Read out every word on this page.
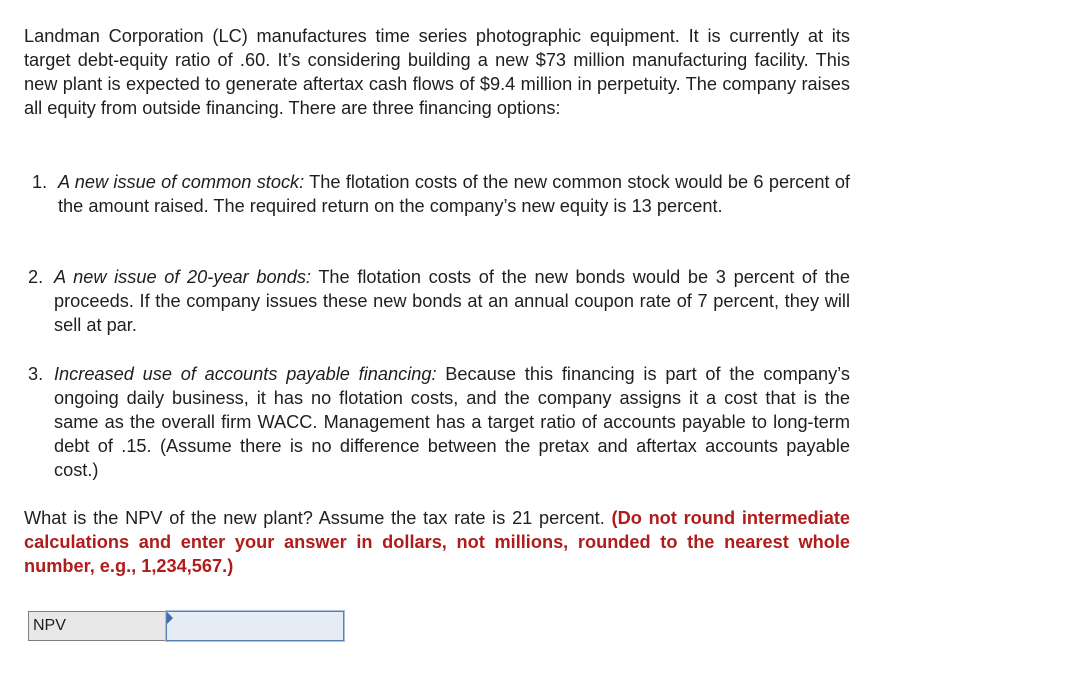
Landman Corporation (LC) manufactures time series photographic equipment. It is currently at its target debt-equity ratio of .60. It’s considering building a new $73 million manufacturing facility. This new plant is expected to generate aftertax cash flows of $9.4 million in perpetuity. The company raises all equity from outside financing. There are three financing options:

1. A new issue of common stock: The flotation costs of the new common stock would be 6 percent of the amount raised. The required return on the company’s new equity is 13 percent.
2. A new issue of 20-year bonds: The flotation costs of the new bonds would be 3 percent of the proceeds. If the company issues these new bonds at an annual coupon rate of 7 percent, they will sell at par.
3. Increased use of accounts payable financing: Because this financing is part of the company’s ongoing daily business, it has no flotation costs, and the company assigns it a cost that is the same as the overall firm WACC. Management has a target ratio of accounts payable to long-term debt of .15. (Assume there is no difference between the pretax and aftertax accounts payable cost.)

What is the NPV of the new plant? Assume the tax rate is 21 percent. (Do not round intermediate calculations and enter your answer in dollars, not millions, rounded to the nearest whole number, e.g., 1,234,567.)

NPV
